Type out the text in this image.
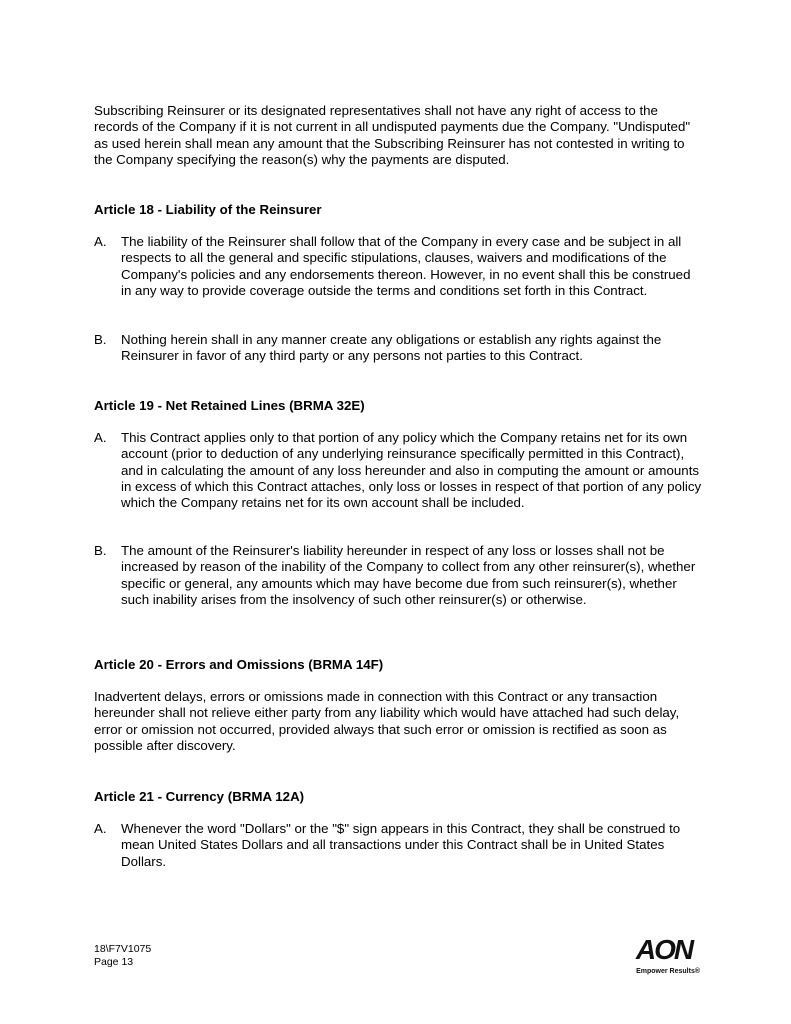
Subscribing Reinsurer or its designated representatives shall not have any right of access to the records of the Company if it is not current in all undisputed payments due the Company. "Undisputed" as used herein shall mean any amount that the Subscribing Reinsurer has not contested in writing to the Company specifying the reason(s) why the payments are disputed.

Article 18 - Liability of the Reinsurer
A. The liability of the Reinsurer shall follow that of the Company in every case and be subject in all respects to all the general and specific stipulations, clauses, waivers and modifications of the Company's policies and any endorsements thereon. However, in no event shall this be construed in any way to provide coverage outside the terms and conditions set forth in this Contract.

B. Nothing herein shall in any manner create any obligations or establish any rights against the Reinsurer in favor of any third party or any persons not parties to this Contract.

Article 19 - Net Retained Lines (BRMA 32E)
A. This Contract applies only to that portion of any policy which the Company retains net for its own account (prior to deduction of any underlying reinsurance specifically permitted in this Contract), and in calculating the amount of any loss hereunder and also in computing the amount or amounts in excess of which this Contract attaches, only loss or losses in respect of that portion of any policy which the Company retains net for its own account shall be included.

B. The amount of the Reinsurer's liability hereunder in respect of any loss or losses shall not be increased by reason of the inability of the Company to collect from any other reinsurer(s), whether specific or general, any amounts which may have become due from such reinsurer(s), whether such inability arises from the insolvency of such other reinsurer(s) or otherwise.

Article 20 - Errors and Omissions (BRMA 14F)

Inadvertent delays, errors or omissions made in connection with this Contract or any transaction hereunder shall not relieve either party from any liability which would have attached had such delay, error or omission not occurred, provided always that such error or omission is rectified as soon as possible after discovery.

Article 21 - Currency (BRMA 12A)
A. Whenever the word "Dollars" or the "$" sign appears in this Contract, they shall be construed to mean United States Dollars and all transactions under this Contract shall be in United States Dollars.

18\F7V1075
Page 13	AON
Empower Results®
